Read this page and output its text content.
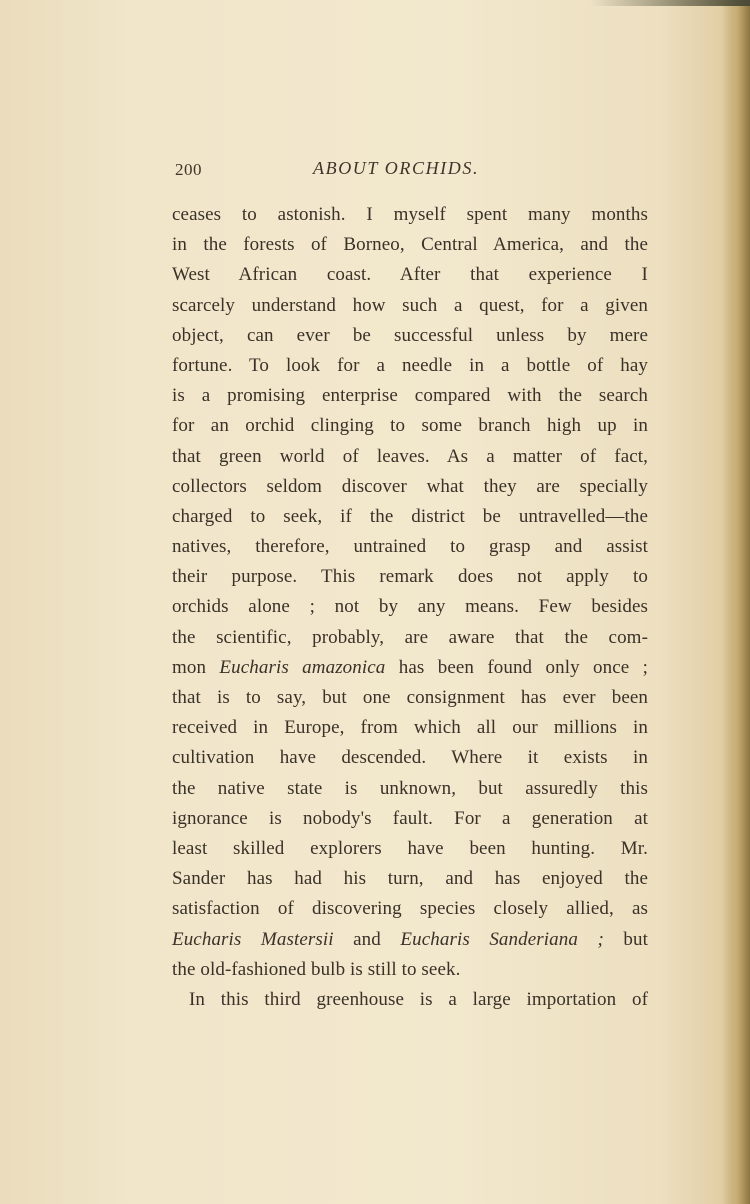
200	ABOUT ORCHIDS.
ceases to astonish. I myself spent many months
in the forests of Borneo, Central America, and the
West African coast. After that experience I
scarcely understand how such a quest, for a given
object, can ever be successful unless by mere
fortune. To look for a needle in a bottle of hay
is a promising enterprise compared with the search
for an orchid clinging to some branch high up in
that green world of leaves. As a matter of fact,
collectors seldom discover what they are specially
charged to seek, if the district be untravelled—the
natives, therefore, untrained to grasp and assist
their purpose. This remark does not apply to
orchids alone ; not by any means. Few besides
the scientific, probably, are aware that the com-
mon Eucharis amazonica has been found only once ;
that is to say, but one consignment has ever been
received in Europe, from which all our millions in
cultivation have descended. Where it exists in
the native state is unknown, but assuredly this
ignorance is nobody's fault. For a generation at
least skilled explorers have been hunting. Mr.
Sander has had his turn, and has enjoyed the
satisfaction of discovering species closely allied, as
Eucharis Mastersii and Eucharis Sanderiana ; but
the old-fashioned bulb is still to seek.
In this third greenhouse is a large importation of
